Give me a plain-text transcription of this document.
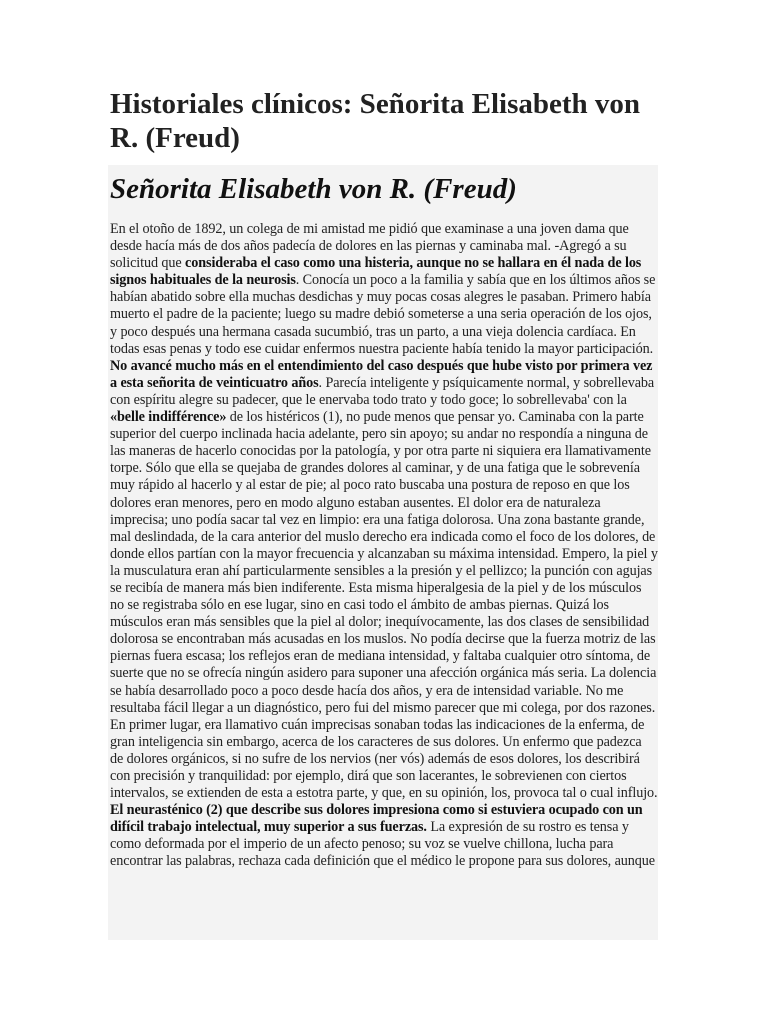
Historiales clínicos: Señorita Elisabeth von R. (Freud)
Señorita Elisabeth von R. (Freud)

En el otoño de 1892, un colega de mi amistad me pidió que examinase a una joven dama que desde hacía más de dos años padecía de dolores en las piernas y caminaba mal. -Agregó a su solicitud que consideraba el caso como una histeria, aunque no se hallara en él nada de los signos habituales de la neurosis. Conocía un poco a la familia y sabía que en los últimos años se habían abatido sobre ella muchas desdichas y muy pocas cosas alegres le pasaban. Primero había muerto el padre de la paciente; luego su madre debió someterse a una seria operación de los ojos, y poco después una hermana casada sucumbió, tras un parto, a una vieja dolencia cardíaca. En todas esas penas y todo ese cuidar enfermos nuestra paciente había tenido la mayor participación. No avancé mucho más en el entendimiento del caso después que hube visto por primera vez a esta señorita de veinticuatro años. Parecía inteligente y psíquicamente normal, y sobrellevaba con espíritu alegre su padecer, que le enervaba todo trato y todo goce; lo sobrellevaba' con la «belle indifférence» de los histéricos (1), no pude menos que pensar yo. Caminaba con la parte superior del cuerpo inclinada hacia adelante, pero sin apoyo; su andar no respondía a ninguna de las maneras de hacerlo conocidas por la patología, y por otra parte ni siquiera era llamativamente torpe. Sólo que ella se quejaba de grandes dolores al caminar, y de una fatiga que le sobrevenía muy rápido al hacerlo y al estar de pie; al poco rato buscaba una postura de reposo en que los dolores eran menores, pero en modo alguno estaban ausentes. El dolor era de naturaleza imprecisa; uno podía sacar tal vez en limpio: era una fatiga dolorosa. Una zona bastante grande, mal deslindada, de la cara anterior del muslo derecho era indicada como el foco de los dolores, de donde ellos partían con la mayor frecuencia y alcanzaban su máxima intensidad. Empero, la piel y la musculatura eran ahí particularmente sensibles a la presión y el pellizco; la punción con agujas se recibía de manera más bien indiferente. Esta misma hiperalgesia de la piel y de los músculos no se registraba sólo en ese lugar, sino en casi todo el ámbito de ambas piernas. Quizá los músculos eran más sensibles que la piel al dolor; inequívocamente, las dos clases de sensibilidad dolorosa se encontraban más acusadas en los muslos. No podía decirse que la fuerza motriz de las piernas fuera escasa; los reflejos eran de mediana intensidad, y faltaba cualquier otro síntoma, de suerte que no se ofrecía ningún asidero para suponer una afección orgánica más seria. La dolencia se había desarrollado poco a poco desde hacía dos años, y era de intensidad variable. No me resultaba fácil llegar a un diagnóstico, pero fui del mismo parecer que mi colega, por dos razones. En primer lugar, era llamativo cuán imprecisas sonaban todas las indicaciones de la enferma, de gran inteligencia sin embargo, acerca de los caracteres de sus dolores. Un enfermo que padezca de dolores orgánicos, si no sufre de los nervios (ner vós) además de esos dolores, los describirá con precisión y tranquilidad: por ejemplo, dirá que son lacerantes, le sobrevienen con ciertos intervalos, se extienden de esta a estotra parte, y que, en su opinión, los, provoca tal o cual influjo. El neurasténico (2) que describe sus dolores impresiona como si estuviera ocupado con un difícil trabajo intelectual, muy superior a sus fuerzas. La expresión de su rostro es tensa y como deformada por el imperio de un afecto penoso; su voz se vuelve chillona, lucha para encontrar las palabras, rechaza cada definición que el médico le propone para sus dolores, aunque
